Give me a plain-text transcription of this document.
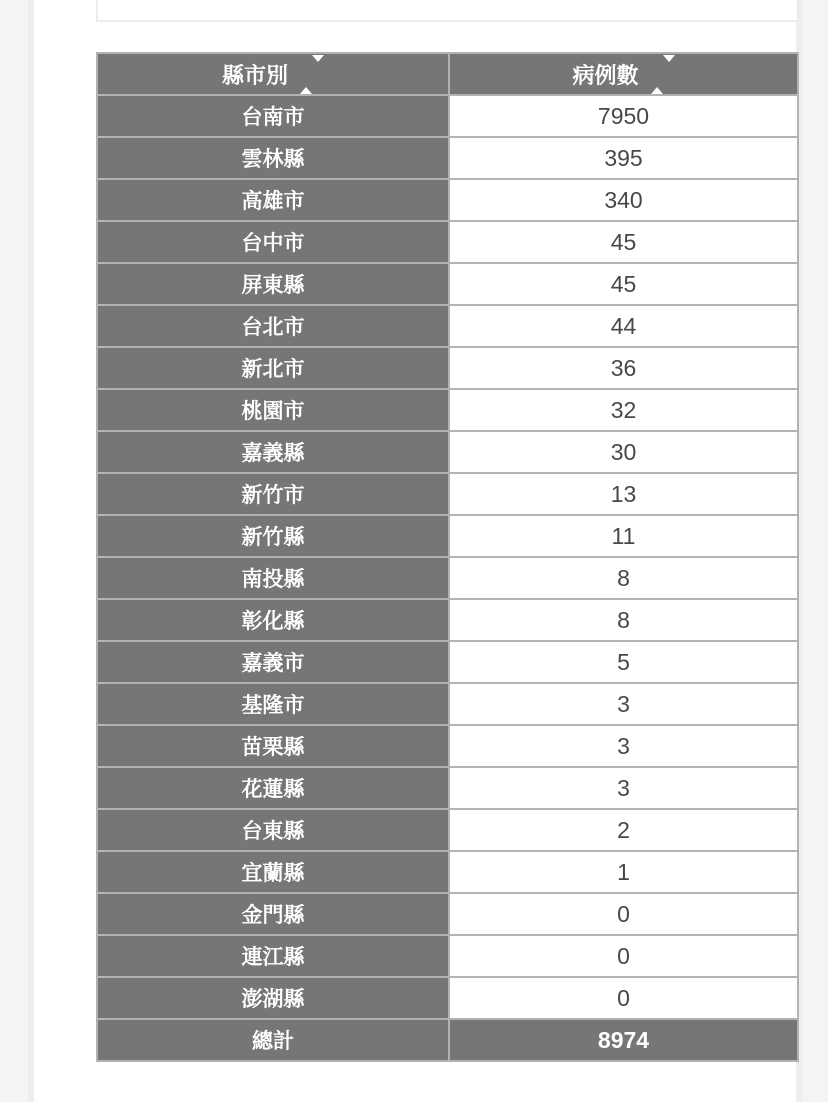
縣市別	病例數
台南市	7950
雲林縣	395
高雄市	340
台中市	45
屏東縣	45
台北市	44
新北市	36
桃園市	32
嘉義縣	30
新竹市	13
新竹縣	11
南投縣	8
彰化縣	8
嘉義市	5
基隆市	3
苗栗縣	3
花蓮縣	3
台東縣	2
宜蘭縣	1
金門縣	0
連江縣	0
澎湖縣	0
總計	8974
